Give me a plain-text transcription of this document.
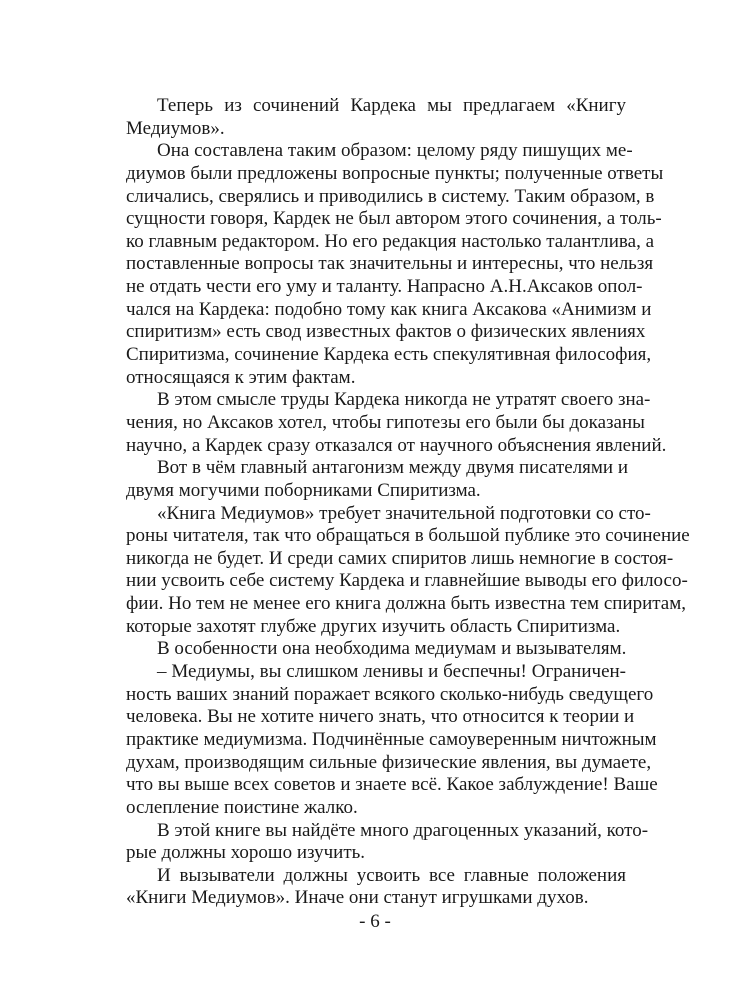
Теперь из сочинений Кардека мы предлагаем «Книгу
Медиумов».
Она составлена таким образом: целому ряду пишущих ме-
диумов были предложены вопросные пункты; полученные ответы
сличались, сверялись и приводились в систему. Таким образом, в
сущности говоря, Кардек не был автором этого сочинения, а толь-
ко главным редактором. Но его редакция настолько талантлива, а
поставленные вопросы так значительны и интересны, что нельзя
не отдать чести его уму и таланту. Напрасно А.Н.Аксаков опол-
чался на Кардека: подобно тому как книга Аксакова «Анимизм и
спиритизм» есть свод известных фактов о физических явлениях
Спиритизма, сочинение Кардека есть спекулятивная философия,
относящаяся к этим фактам.
В этом смысле труды Кардека никогда не утратят своего зна-
чения, но Аксаков хотел, чтобы гипотезы его были бы доказаны
научно, а Кардек сразу отказался от научного объяснения явлений.
Вот в чём главный антагонизм между двумя писателями и
двумя могучими поборниками Спиритизма.
«Книга Медиумов» требует значительной подготовки со сто-
роны читателя, так что обращаться в большой публике это сочинение
никогда не будет. И среди самих спиритов лишь немногие в состоя-
нии усвоить себе систему Кардека и главнейшие выводы его филосо-
фии. Но тем не менее его книга должна быть известна тем спиритам,
которые захотят глубже других изучить область Спиритизма.
В особенности она необходима медиумам и вызывателям.
– Медиумы, вы слишком ленивы и беспечны! Ограничен-
ность ваших знаний поражает всякого сколько-нибудь сведущего
человека. Вы не хотите ничего знать, что относится к теории и
практике медиумизма. Подчинённые самоуверенным ничтожным
духам, производящим сильные физические явления, вы думаете,
что вы выше всех советов и знаете всё. Какое заблуждение! Ваше
ослепление поистине жалко.
В этой книге вы найдёте много драгоценных указаний, кото-
рые должны хорошо изучить.
И вызыватели должны усвоить все главные положения
«Книги Медиумов». Иначе они станут игрушками духов.
- 6 -
